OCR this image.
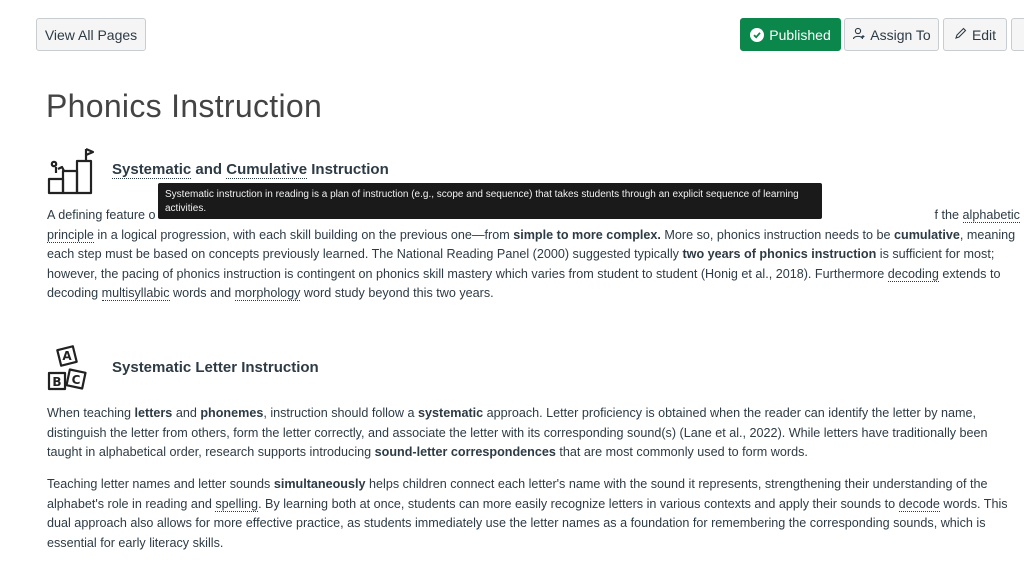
View All Pages	Published	Assign To	Edit
Phonics Instruction
Systematic and Cumulative Instruction

A defining feature o	f the alphabetic principle in a logical progression, with each skill building on the previous one—from simple to more complex. More so, phonics instruction needs to be cumulative, meaning each step must be based on concepts previously learned. The National Reading Panel (2000) suggested typically two years of phonics instruction is sufficient for most; however, the pacing of phonics instruction is contingent on phonics skill mastery which varies from student to student (Honig et al., 2018). Furthermore decoding extends to decoding multisyllabic words and morphology word study beyond this two years.

Systematic instruction in reading is a plan of instruction (e.g., scope and sequence) that takes students through an explicit sequence of learning activities.
B C
A
Systematic Letter Instruction

When teaching letters and phonemes, instruction should follow a systematic approach. Letter proficiency is obtained when the reader can identify the letter by name, distinguish the letter from others, form the letter correctly, and associate the letter with its corresponding sound(s) (Lane et al., 2022). While letters have traditionally been taught in alphabetical order, research supports introducing sound-letter correspondences that are most commonly used to form words.

Teaching letter names and letter sounds simultaneously helps children connect each letter's name with the sound it represents, strengthening their understanding of the alphabet's role in reading and spelling. By learning both at once, students can more easily recognize letters in various contexts and apply their sounds to decode words. This dual approach also allows for more effective practice, as students immediately use the letter names as a foundation for remembering the corresponding sounds, which is essential for early literacy skills.
